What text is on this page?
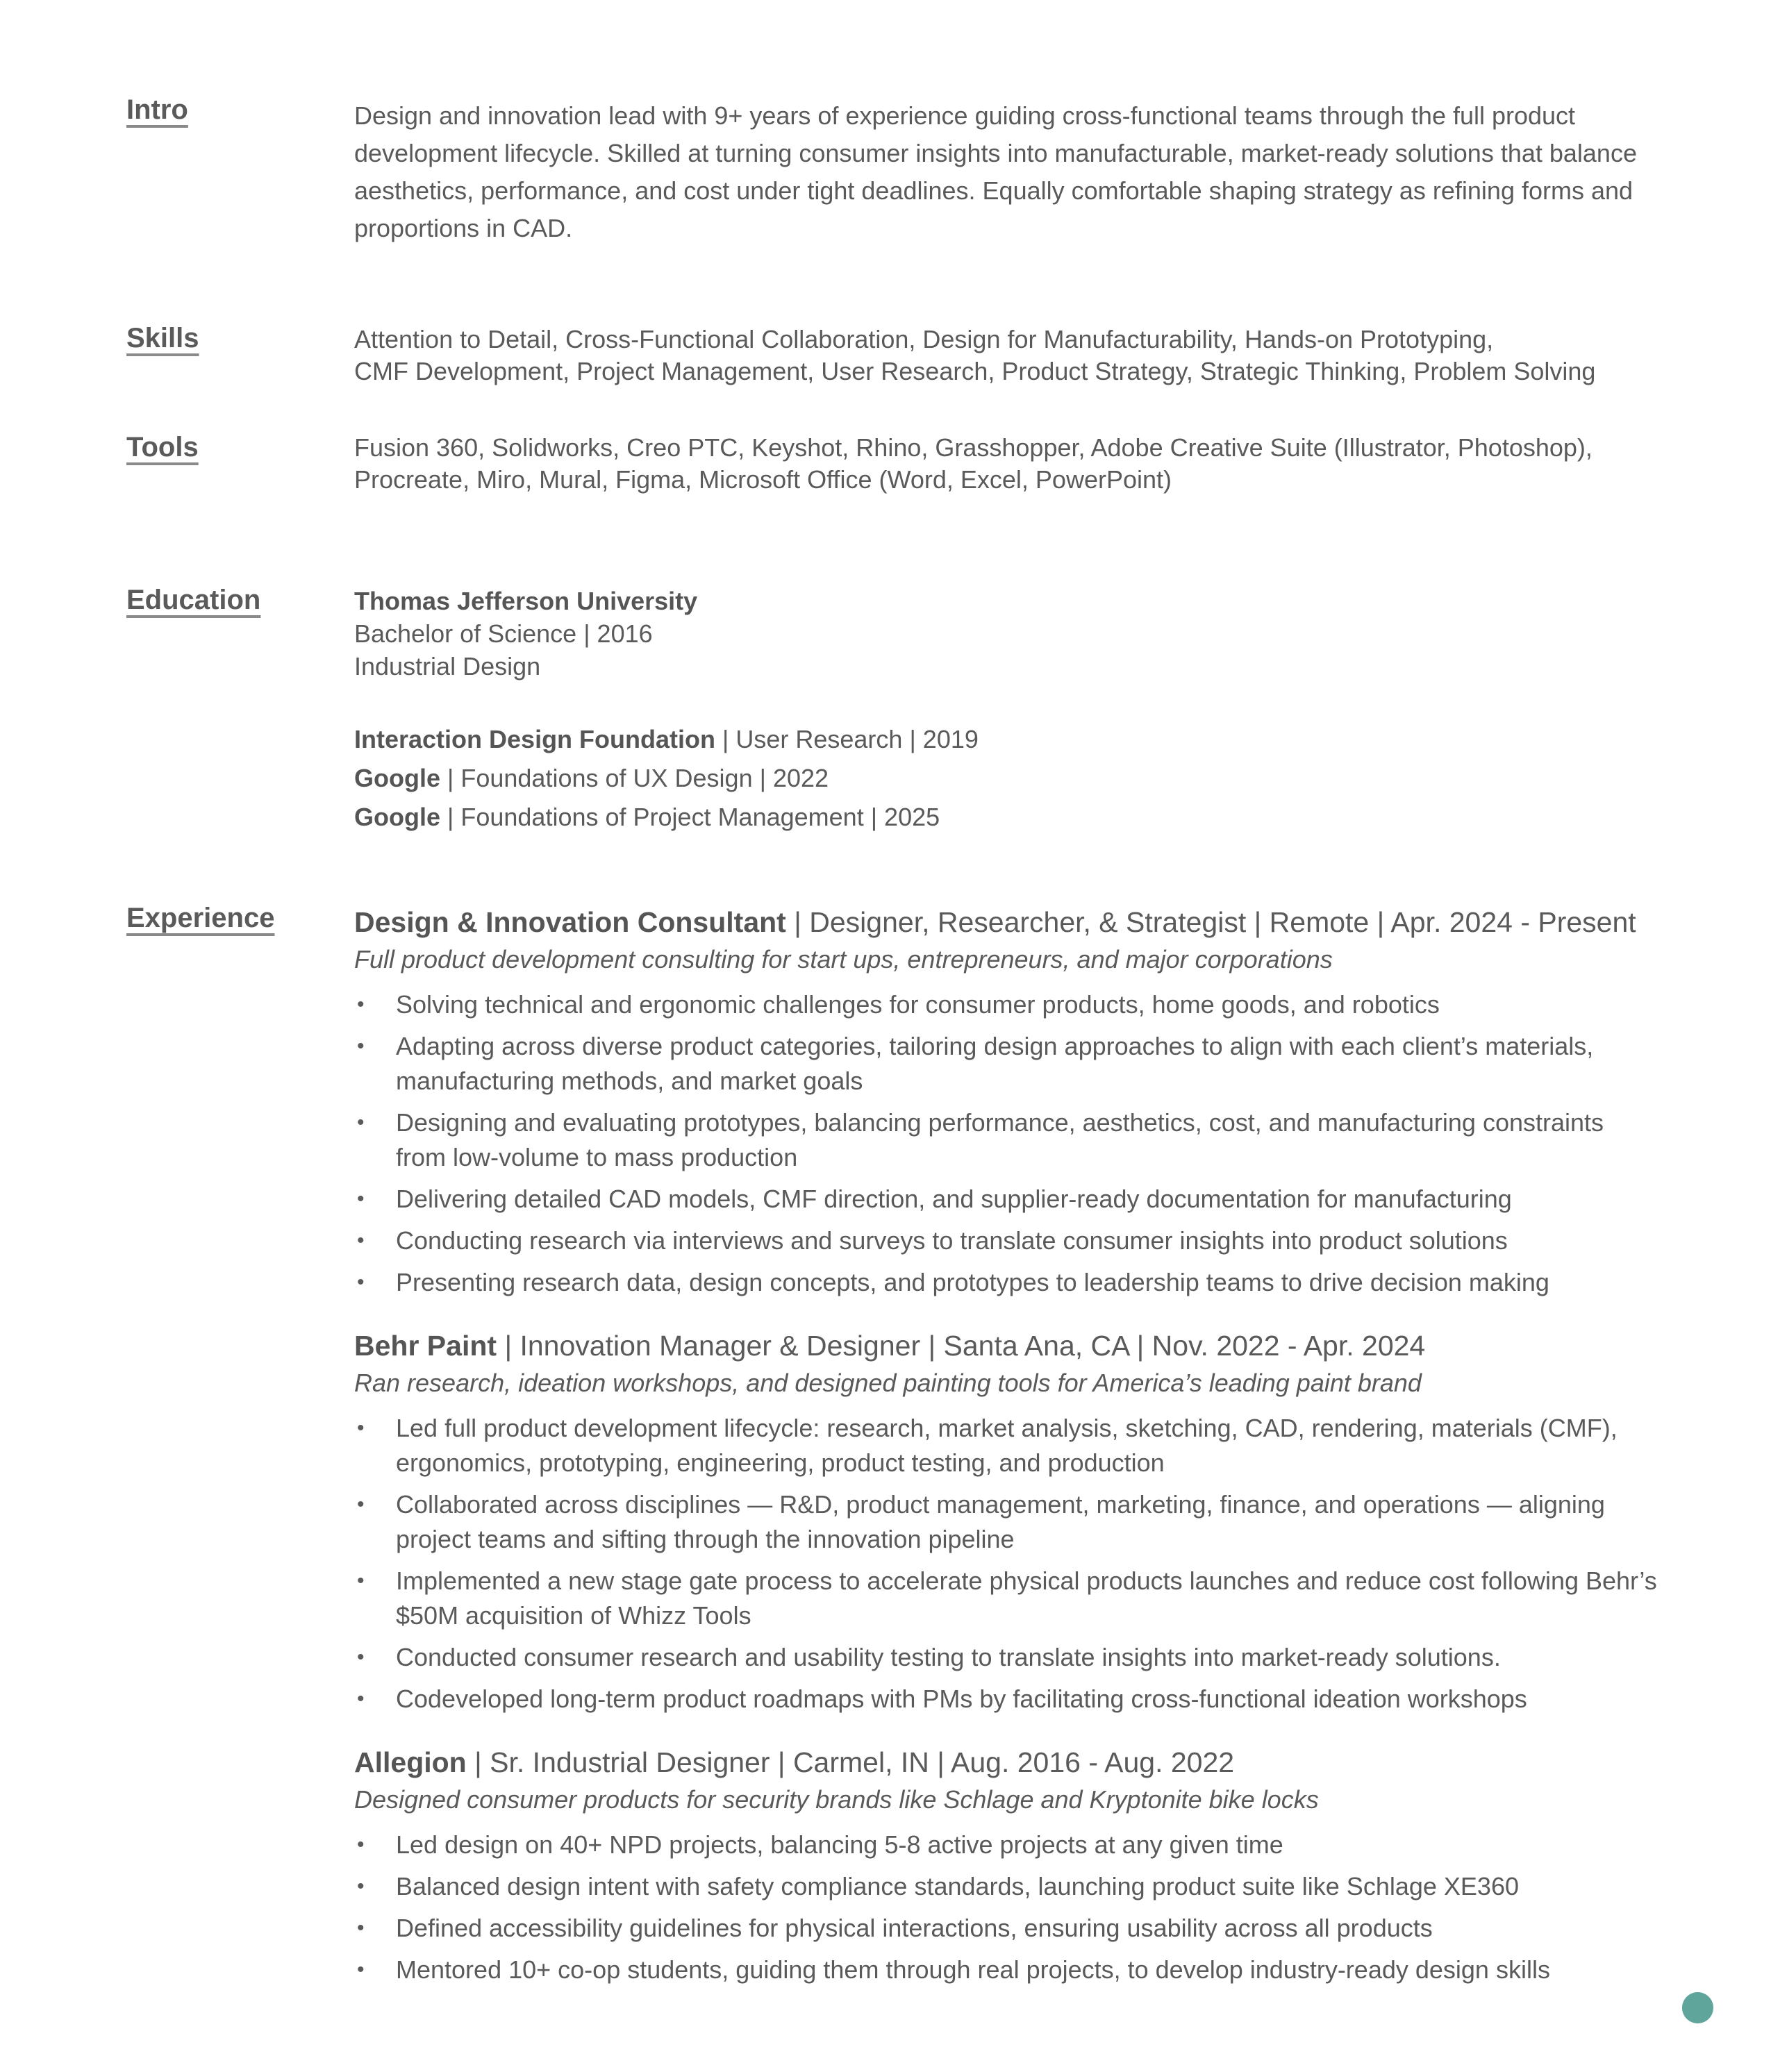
Intro	Design and innovation lead with 9+ years of experience guiding cross-functional teams through the full product development lifecycle. Skilled at turning consumer insights into manufacturable, market-ready solutions that balance aesthetics, performance, and cost under tight deadlines. Equally comfortable shaping strategy as refining forms and proportions in CAD.

Skills	Attention to Detail, Cross-Functional Collaboration, Design for Manufacturability, Hands-on Prototyping,
CMF Development, Project Management, User Research, Product Strategy, Strategic Thinking, Problem Solving
Tools	Fusion 360, Solidworks, Creo PTC, Keyshot, Rhino, Grasshopper, Adobe Creative Suite (Illustrator, Photoshop),
Procreate, Miro, Mural, Figma, Microsoft Office (Word, Excel, PowerPoint)
Education	Thomas Jefferson University
Bachelor of Science | 2016
Industrial Design
Interaction Design Foundation | User Research | 2019
Google | Foundations of UX Design | 2022
Google | Foundations of Project Management | 2025
Experience	Design & Innovation Consultant | Designer, Researcher, & Strategist | Remote | Apr. 2024 - Present
Full product development consulting for start ups, entrepreneurs, and major corporations
• Solving technical and ergonomic challenges for consumer products, home goods, and robotics
• Adapting across diverse product categories, tailoring design approaches to align with each client’s materials, manufacturing methods, and market goals
• Designing and evaluating prototypes, balancing performance, aesthetics, cost, and manufacturing constraints from low-volume to mass production
• Delivering detailed CAD models, CMF direction, and supplier-ready documentation for manufacturing
• Conducting research via interviews and surveys to translate consumer insights into product solutions
• Presenting research data, design concepts, and prototypes to leadership teams to drive decision making
Behr Paint | Innovation Manager & Designer | Santa Ana, CA | Nov. 2022 - Apr. 2024
Ran research, ideation workshops, and designed painting tools for America’s leading paint brand
• Led full product development lifecycle: research, market analysis, sketching, CAD, rendering, materials (CMF), ergonomics, prototyping, engineering, product testing, and production
• Collaborated across disciplines — R&D, product management, marketing, finance, and operations — aligning project teams and sifting through the innovation pipeline
• Implemented a new stage gate process to accelerate physical products launches and reduce cost following Behr’s $50M acquisition of Whizz Tools
• Conducted consumer research and usability testing to translate insights into market-ready solutions.
• Codeveloped long-term product roadmaps with PMs by facilitating cross-functional ideation workshops
Allegion | Sr. Industrial Designer | Carmel, IN | Aug. 2016 - Aug. 2022
Designed consumer products for security brands like Schlage and Kryptonite bike locks
• Led design on 40+ NPD projects, balancing 5-8 active projects at any given time
• Balanced design intent with safety compliance standards, launching product suite like Schlage XE360
• Defined accessibility guidelines for physical interactions, ensuring usability across all products
• Mentored 10+ co-op students, guiding them through real projects, to develop industry-ready design skills
